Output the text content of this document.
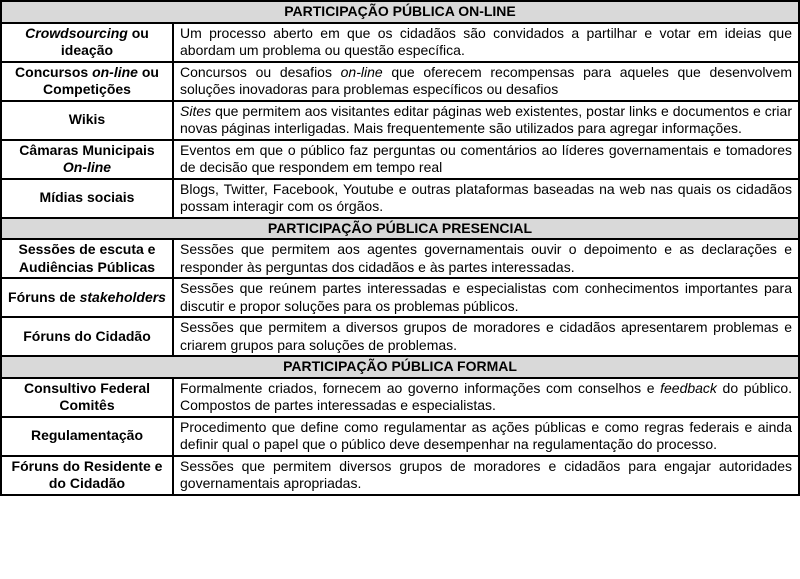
PARTICIPAÇÃO PÚBLICA ON-LINE	
Crowdsourcing ou ideação	Um processo aberto em que os cidadãos são convidados a partilhar e votar em ideias que abordam um problema ou questão específica.
Concursos on-line ou Competições	Concursos ou desafios on-line que oferecem recompensas para aqueles que desenvolvem soluções inovadoras para problemas específicos ou desafios
Wikis	Sites que permitem aos visitantes editar páginas web existentes, postar links e documentos e criar novas páginas interligadas. Mais frequentemente são utilizados para agregar informações.
Câmaras Municipais On-line	Eventos em que o público faz perguntas ou comentários ao líderes governamentais e tomadores de decisão que respondem em tempo real
Mídias sociais	Blogs, Twitter, Facebook, Youtube e outras plataformas baseadas na web nas quais os cidadãos possam interagir com os órgãos.
PARTICIPAÇÃO PÚBLICA PRESENCIAL	
Sessões de escuta e Audiências Públicas	Sessões que permitem aos agentes governamentais ouvir o depoimento e as declarações e responder às perguntas dos cidadãos e às partes interessadas.
Fóruns de stakeholders	Sessões que reúnem partes interessadas e especialistas com conhecimentos importantes para discutir e propor soluções para os problemas públicos.
Fóruns do Cidadão	Sessões que permitem a diversos grupos de moradores e cidadãos apresentarem problemas e criarem grupos para soluções de problemas.
PARTICIPAÇÃO PÚBLICA FORMAL	
Consultivo Federal Comitês	Formalmente criados, fornecem ao governo informações com conselhos e feedback do público. Compostos de partes interessadas e especialistas.
Regulamentação	Procedimento que define como regulamentar as ações públicas e como regras federais e ainda definir qual o papel que o público deve desempenhar na regulamentação do processo.
Fóruns do Residente e do Cidadão	Sessões que permitem diversos grupos de moradores e cidadãos para engajar autoridades governamentais apropriadas.
